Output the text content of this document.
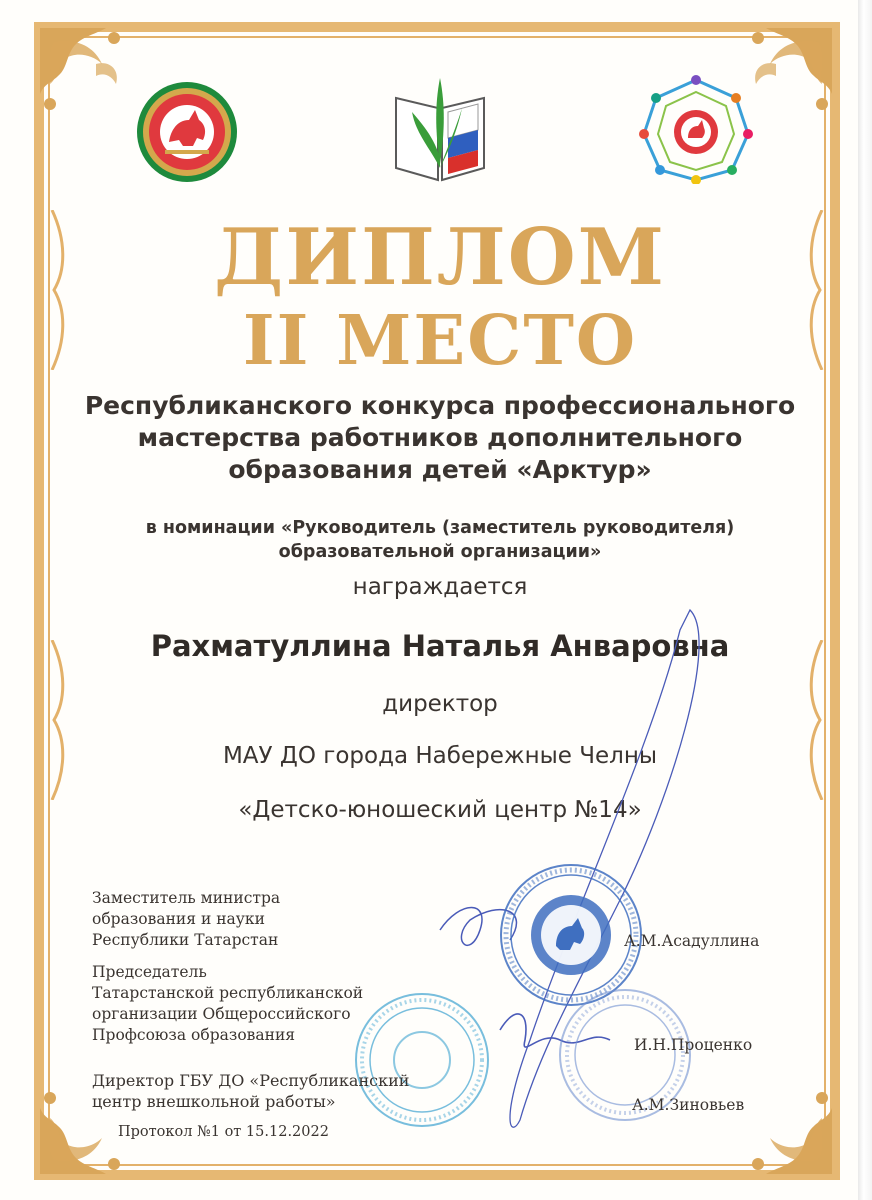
ДИПЛОМ
II МЕСТО
Республиканского конкурса профессионального
мастерства работников дополнительного
образования детей «Арктур»
в номинации «Руководитель (заместитель руководителя)
образовательной организации»
награждается
Рахматуллина Наталья Анваровна
директор
МАУ ДО города Набережные Челны
«Детско-юношеский центр №14»
Заместитель министра
образования и науки
Республики Татарстан	А.М.Асадуллина
Председатель
Татарстанской республиканской
организации Общероссийского
Профсоюза образования
И.Н.Проценко
Директор ГБУ ДО «Республиканский
центр внешкольной работы»	А.М.Зиновьев
Протокол №1 от 15.12.2022
